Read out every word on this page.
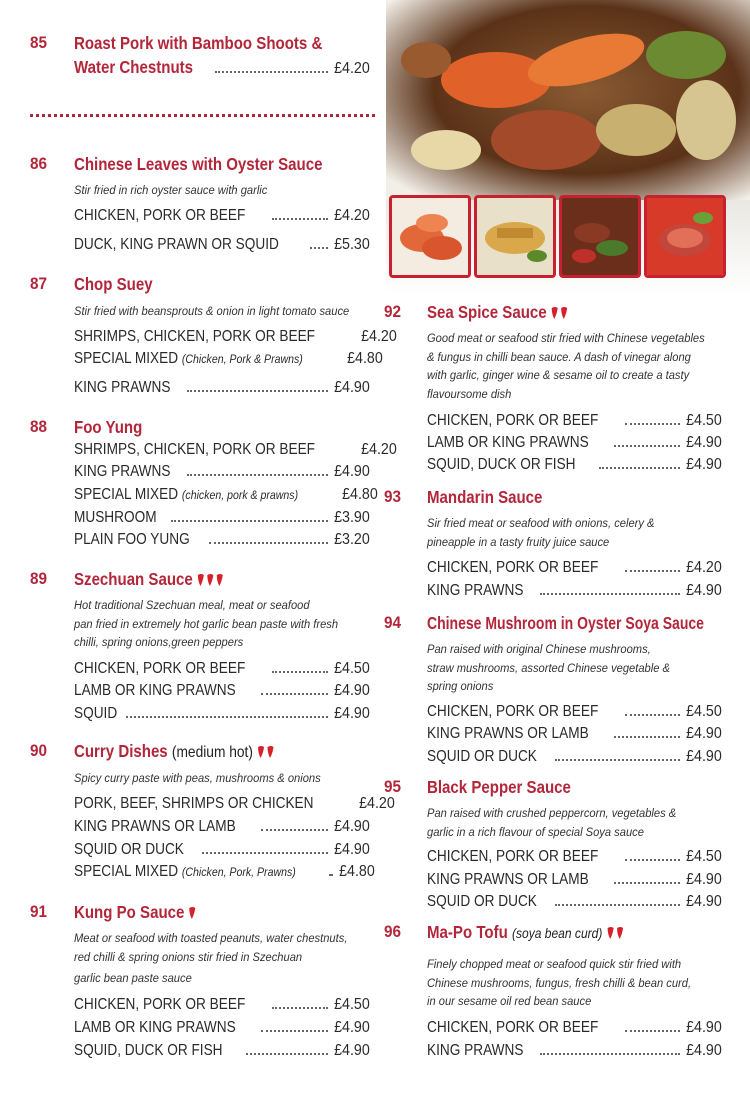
85 Roast Pork with Bamboo Shoots &
Water Chestnuts	£4.20
86 Chinese Leaves with Oyster Sauce
Stir fried in rich oyster sauce with garlic
CHICKEN, PORK OR BEEF	£4.20
DUCK, KING PRAWN OR SQUID	£5.30
87 Chop Suey
Stir fried with beansprouts & onion in light tomato sauce
SHRIMPS, CHICKEN, PORK OR BEEF	£4.20
SPECIAL MIXED (Chicken, Pork & Prawns)	£4.80
KING PRAWNS	£4.90
88 Foo Yung
SHRIMPS, CHICKEN, PORK OR BEEF	£4.20
KING PRAWNS	£4.90
SPECIAL MIXED (chicken, pork & prawns)	£4.80
MUSHROOM	£3.90
PLAIN FOO YUNG	£3.20
89 Szechuan Sauce
Hot traditional Szechuan meal, meat or seafood
pan fried in extremely hot garlic bean paste with fresh
chilli, spring onions,green peppers
CHICKEN, PORK OR BEEF	£4.50
LAMB OR KING PRAWNS	£4.90
SQUID	£4.90
90 Curry Dishes (medium hot)
Spicy curry paste with peas, mushrooms & onions
PORK, BEEF, SHRIMPS OR CHICKEN	£4.20
KING PRAWNS OR LAMB	£4.90
SQUID OR DUCK	£4.90
SPECIAL MIXED (Chicken, Pork, Prawns)	£4.80
91 Kung Po Sauce
Meat or seafood with toasted peanuts, water chestnuts,
red chilli & spring onions stir fried in Szechuan
garlic bean paste sauce
CHICKEN, PORK OR BEEF	£4.50
LAMB OR KING PRAWNS	£4.90
SQUID, DUCK OR FISH	£4.90
92 Sea Spice Sauce
Good meat or seafood stir fried with Chinese vegetables
& fungus in chilli bean sauce. A dash of vinegar along
with garlic, ginger wine & sesame oil to create a tasty
flavoursome dish
CHICKEN, PORK OR BEEF	£4.50
LAMB OR KING PRAWNS	£4.90
SQUID, DUCK OR FISH	£4.90
93 Mandarin Sauce
Sir fried meat or seafood with onions, celery &
pineapple in a tasty fruity juice sauce
CHICKEN, PORK OR BEEF	£4.20
KING PRAWNS	£4.90
94 Chinese Mushroom in Oyster Soya Sauce
Pan raised with original Chinese mushrooms,
straw mushrooms, assorted Chinese vegetable &
spring onions
CHICKEN, PORK OR BEEF	£4.50
KING PRAWNS OR LAMB	£4.90
SQUID OR DUCK	£4.90
95 Black Pepper Sauce
Pan raised with crushed peppercorn, vegetables &
garlic in a rich flavour of special Soya sauce
CHICKEN, PORK OR BEEF	£4.50
KING PRAWNS OR LAMB	£4.90
SQUID OR DUCK	£4.90
96 Ma-Po Tofu (soya bean curd)
Finely chopped meat or seafood quick stir fried with
Chinese mushrooms, fungus, fresh chilli & bean curd,
in our sesame oil red bean sauce
CHICKEN, PORK OR BEEF	£4.90
KING PRAWNS	£4.90
